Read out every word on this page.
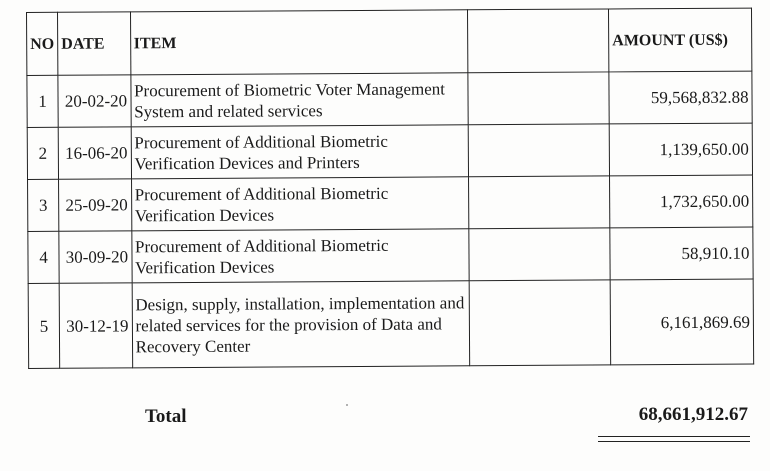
NO	DATE	ITEM		AMOUNT (US$)
1	20-02-20	Procurement of Biometric Voter Management System and related services		59,568,832.88
2	16-06-20	Procurement of Additional Biometric Verification Devices and Printers		1,139,650.00
3	25-09-20	Procurement of Additional Biometric Verification Devices		1,732,650.00
4	30-09-20	Procurement of Additional Biometric Verification Devices		58,910.10
5	30-12-19	Design, supply, installation, implementation and related services for the provision of Data and Recovery Center		6,161,869.69
Total	68,661,912.67
